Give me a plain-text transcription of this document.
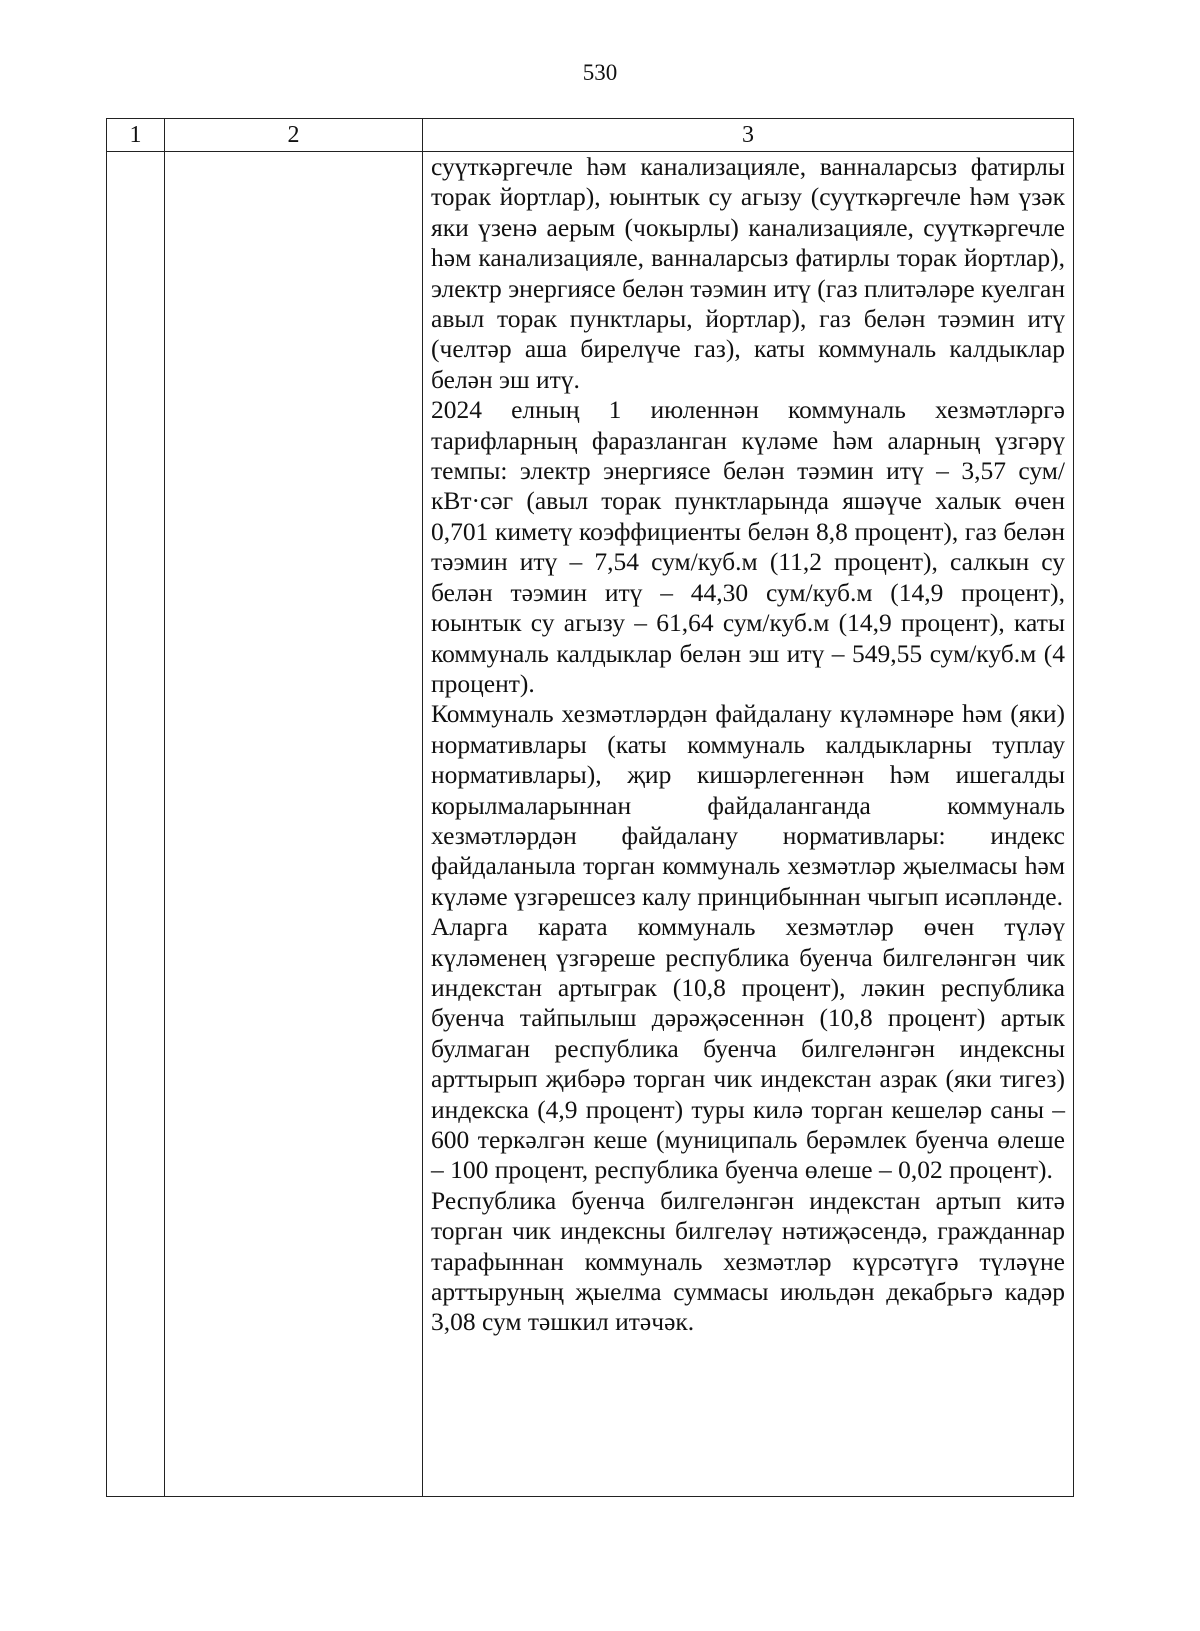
530
1	2	3

		суүткәргечле һәм канализацияле, ванналарсыз фатирлы торак йортлар), юынтык су агызу (суүткәргечле һәм үзәк яки үзенә аерым (чокырлы) канализацияле, суүткәргечле һәм канализацияле, ванналарсыз фатирлы торак йортлар), электр энергиясе белән тәэмин итү (газ плитәләре куелган авыл торак пунктлары, йортлар), газ белән тәэмин итү (челтәр аша бирелүче газ), каты коммуналь калдыклар белән эш итү.

2024 елның 1 июленнән коммуналь хезмәтләргә тарифларның фаразланган күләме һәм аларның үзгәрү темпы: электр энергиясе белән тәэмин итү – 3,57 сум/кВт·сәг (авыл торак пунктларында яшәүче халык өчен 0,701 киметү коэффициенты белән 8,8 процент), газ белән тәэмин итү – 7,54 сум/куб.м (11,2 процент), салкын су белән тәэмин итү – 44,30 сум/куб.м (14,9 процент), юынтык су агызу – 61,64 сум/куб.м (14,9 процент), каты коммуналь калдыклар белән эш итү – 549,55 сум/куб.м (4 процент).

Коммуналь хезмәтләрдән файдалану күләмнәре һәм (яки) нормативлары (каты коммуналь калдыкларны туплау нормативлары), җир кишәрлегеннән һәм ишегалды корылмаларыннан файдаланганда коммуналь хезмәтләрдән файдалану нормативлары: индекс файдаланыла торган коммуналь хезмәтләр җыелмасы һәм күләме үзгәрешсез калу принцибыннан чыгып исәпләнде.

Аларга карата коммуналь хезмәтләр өчен түләү күләменең үзгәреше республика буенча билгеләнгән чик индекстан артыграк (10,8 процент), ләкин республика буенча тайпылыш дәрәҗәсеннән (10,8 процент) артык булмаган республика буенча билгеләнгән индексны арттырып җибәрә торган чик индекстан азрак (яки тигез) индекска (4,9 процент) туры килә торган кешеләр саны – 600 теркәлгән кеше (муниципаль берәмлек буенча өлеше – 100 процент, республика буенча өлеше – 0,02 процент).

Республика буенча билгеләнгән индекстан артып китә торган чик индексны билгеләү нәтиҗәсендә, гражданнар тарафыннан коммуналь хезмәтләр күрсәтүгә түләүне арттыруның җыелма суммасы июльдән декабрьгә кадәр 3,08 сум тәшкил итәчәк.
